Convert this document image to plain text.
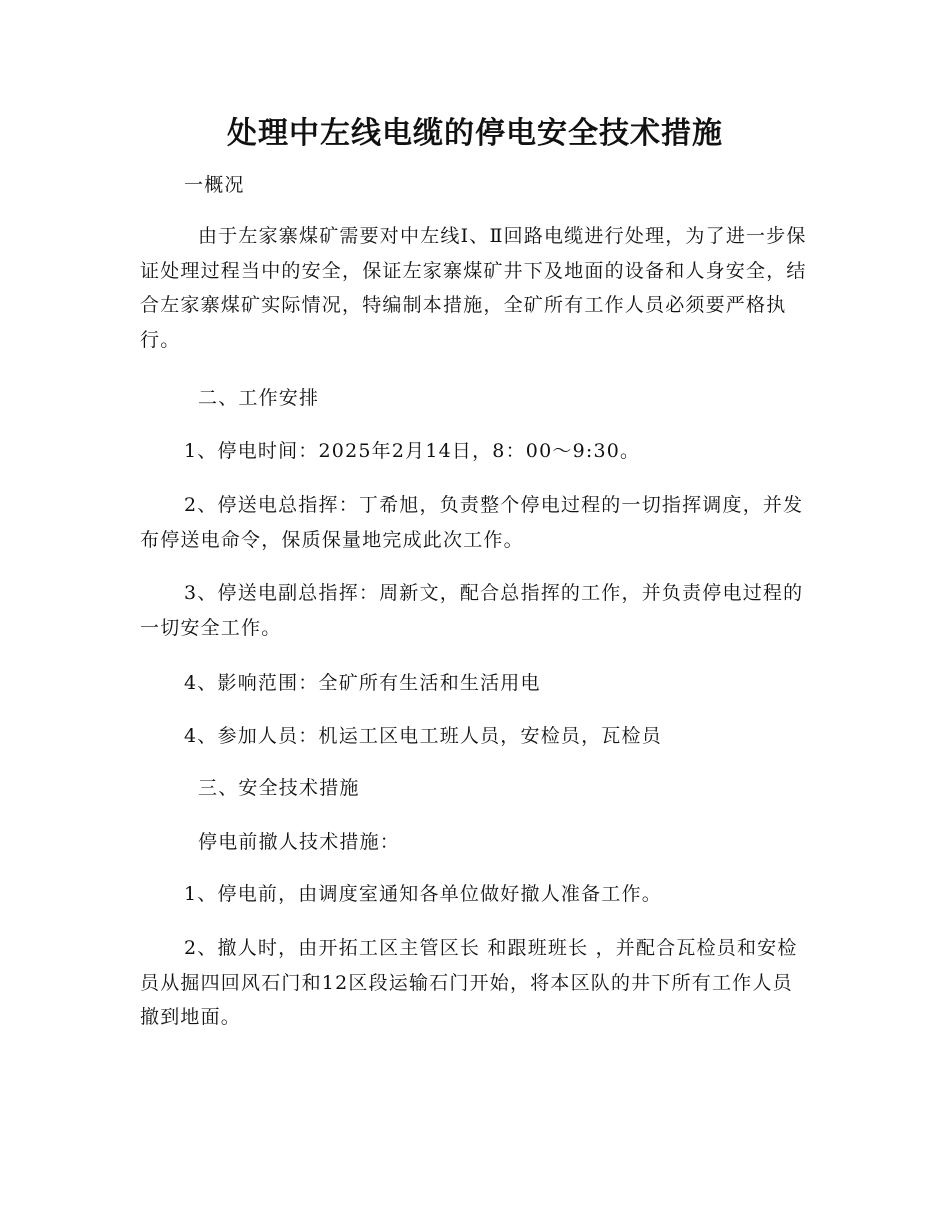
处理中左线电缆的停电安全技术措施

一概况

由于左家寨煤矿需要对中左线Ⅰ、Ⅱ回路电缆进行处理，为了进一步保证处理过程当中的安全，保证左家寨煤矿井下及地面的设备和人身安全，结合左家寨煤矿实际情况，特编制本措施，全矿所有工作人员必须要严格执行。

二、工作安排

1、停电时间：2025年2月14日，8：00～9:30。

2、停送电总指挥：丁希旭，负责整个停电过程的一切指挥调度，并发布停送电命令，保质保量地完成此次工作。

3、停送电副总指挥：周新文，配合总指挥的工作，并负责停电过程的一切安全工作。

4、影响范围：全矿所有生活和生活用电

4、参加人员：机运工区电工班人员，安检员，瓦检员

三、安全技术措施

停电前撤人技术措施：

1、停电前，由调度室通知各单位做好撤人准备工作。

2、撤人时，由开拓工区主管区长 和跟班班长 ，并配合瓦检员和安检员从掘四回风石门和12区段运输石门开始，将本区队的井下所有工作人员撤到地面。
